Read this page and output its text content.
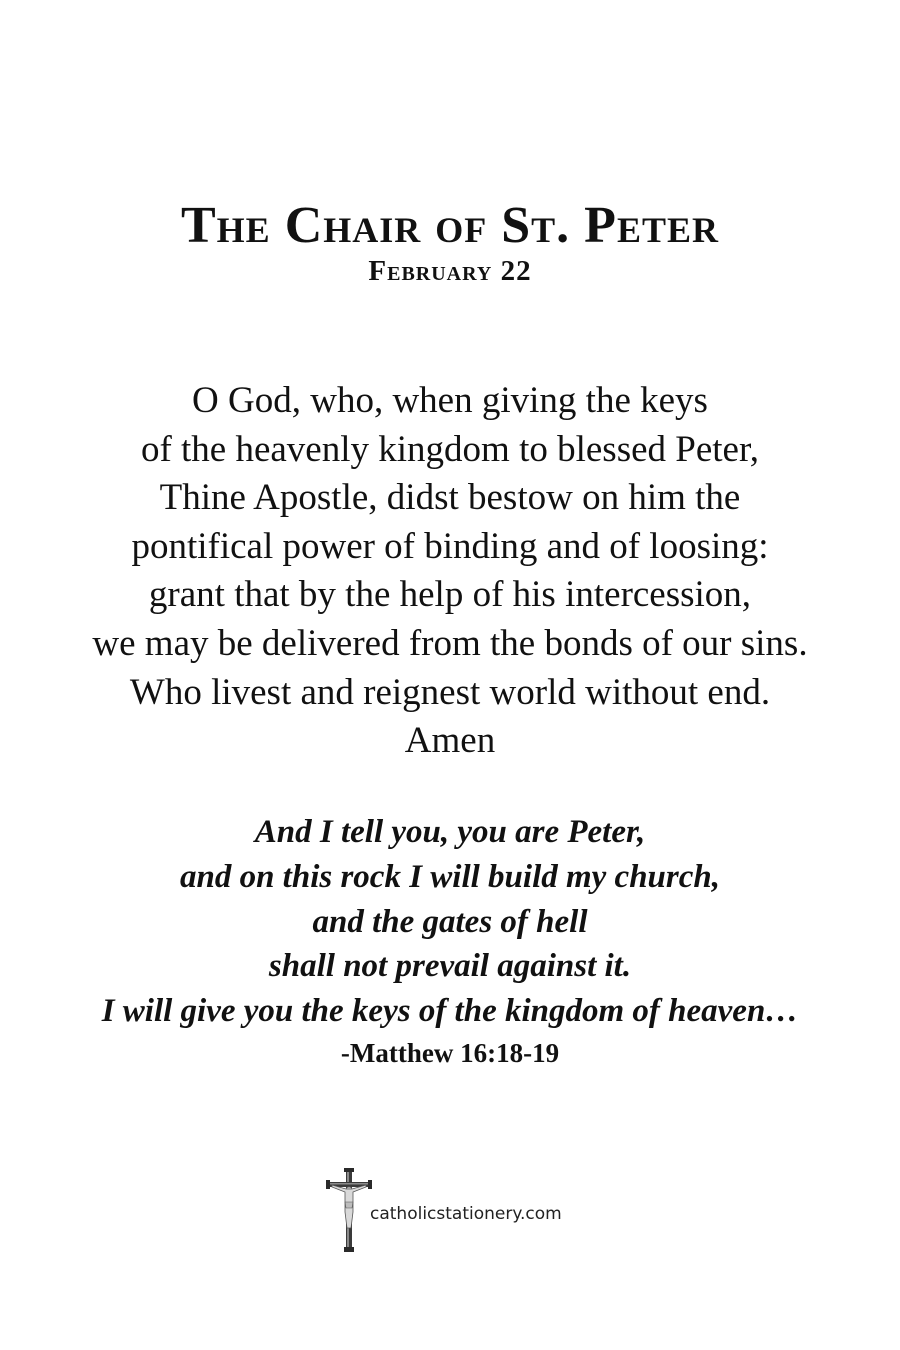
The Chair of St. Peter
February 22
O God, who, when giving the keys
of the heavenly kingdom to blessed Peter,
Thine Apostle, didst bestow on him the
pontifical power of binding and of loosing:
grant that by the help of his intercession,
we may be delivered from the bonds of our sins.
Who livest and reignest world without end.
Amen
And I tell you, you are Peter,
and on this rock I will build my church,
and the gates of hell
shall not prevail against it.
I will give you the keys of the kingdom of heaven…
-Matthew 16:18-19
catholicstationery.com
